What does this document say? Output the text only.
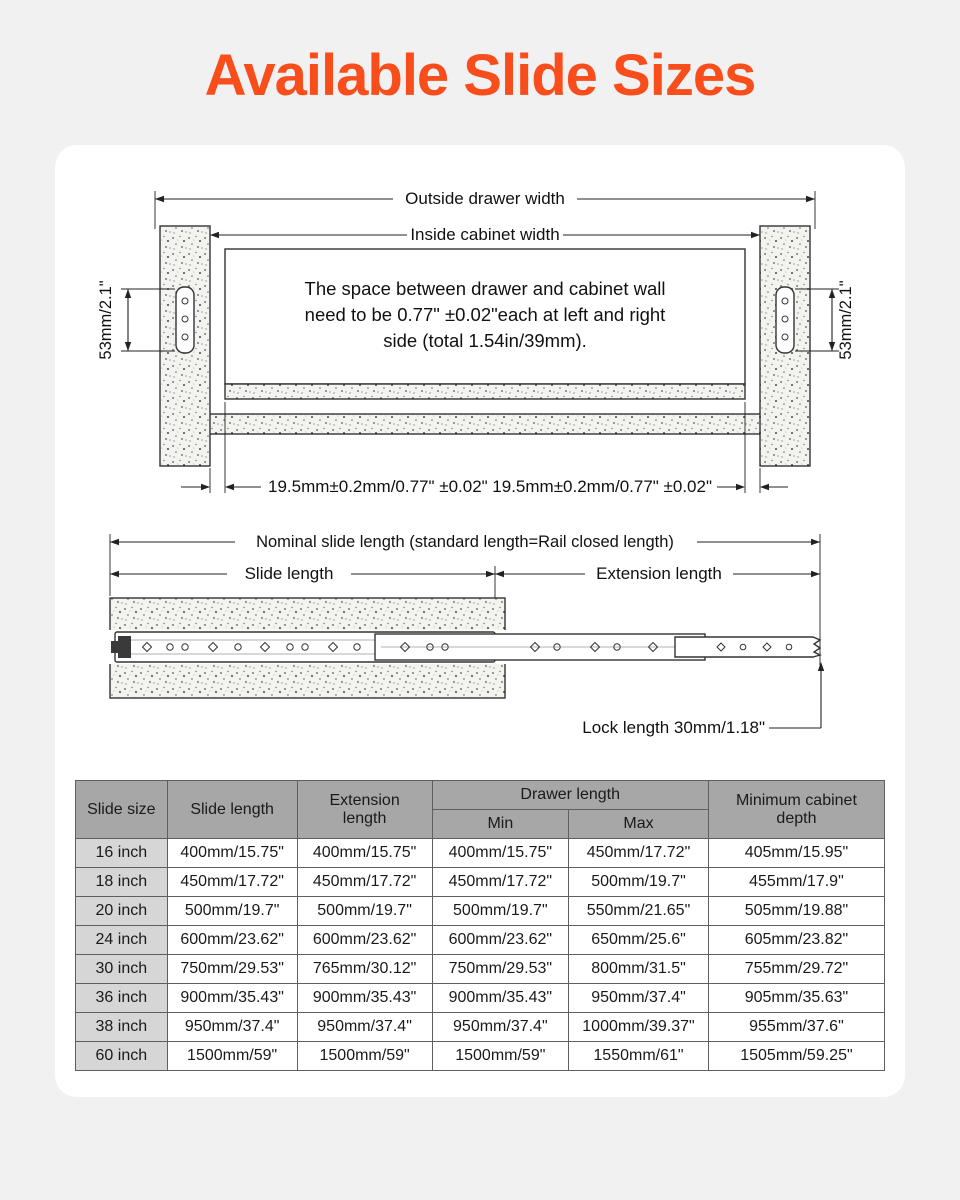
Available Slide Sizes
Outside drawer width
Inside cabinet width
The space between drawer and cabinet wall
need to be 0.77" ±0.02"each at left and right
side (total 1.54in/39mm).
53mm/2.1"	53mm/2.1"
19.5mm±0.2mm/0.77" ±0.02" 19.5mm±0.2mm/0.77" ±0.02"
Nominal slide length (standard length=Rail closed length)
Slide length	Extension length
Lock length 30mm/1.18"
Slide size	Slide length	Extension length	Drawer length		Minimum cabinet depth
			Min	Max	
16 inch	400mm/15.75"	400mm/15.75"	400mm/15.75"	450mm/17.72"	405mm/15.95"
18 inch	450mm/17.72"	450mm/17.72"	450mm/17.72"	500mm/19.7"	455mm/17.9"
20 inch	500mm/19.7"	500mm/19.7"	500mm/19.7"	550mm/21.65"	505mm/19.88"
24 inch	600mm/23.62"	600mm/23.62"	600mm/23.62"	650mm/25.6"	605mm/23.82"
30 inch	750mm/29.53"	765mm/30.12"	750mm/29.53"	800mm/31.5"	755mm/29.72"
36 inch	900mm/35.43"	900mm/35.43"	900mm/35.43"	950mm/37.4"	905mm/35.63"
38 inch	950mm/37.4"	950mm/37.4"	950mm/37.4"	1000mm/39.37"	955mm/37.6"
60 inch	1500mm/59"	1500mm/59"	1500mm/59"	1550mm/61"	1505mm/59.25"
